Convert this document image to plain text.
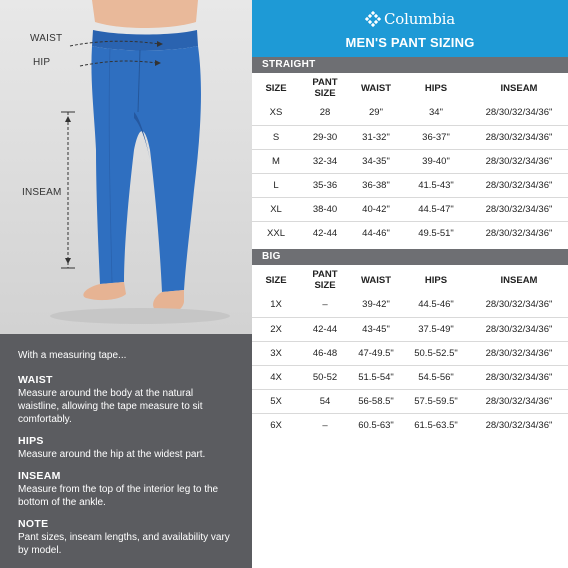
WAIST
HIP
INSEAM
With a measuring tape...
WAIST
Measure around the body at the natural waistline, allowing the tape measure to sit comfortably.
HIPS
Measure around the hip at the widest part.
INSEAM
Measure from the top of the interior leg to the bottom of the ankle.
NOTE
Pant sizes, inseam lengths, and availability vary by model.
Columbia
MEN'S PANT SIZING
STRAIGHT
SIZE	PANT SIZE	WAIST	HIPS	INSEAM
XS	28	29"	34"	28/30/32/34/36"
S	29-30	31-32"	36-37"	28/30/32/34/36"
M	32-34	34-35"	39-40"	28/30/32/34/36"
L	35-36	36-38"	41.5-43"	28/30/32/34/36"
XL	38-40	40-42"	44.5-47"	28/30/32/34/36"
XXL	42-44	44-46"	49.5-51"	28/30/32/34/36"
BIG
SIZE	PANT SIZE	WAIST	HIPS	INSEAM
1X	–	39-42"	44.5-46"	28/30/32/34/36"
2X	42-44	43-45"	37.5-49"	28/30/32/34/36"
3X	46-48	47-49.5"	50.5-52.5"	28/30/32/34/36"
4X	50-52	51.5-54"	54.5-56"	28/30/32/34/36"
5X	54	56-58.5"	57.5-59.5"	28/30/32/34/36"
6X	–	60.5-63"	61.5-63.5"	28/30/32/34/36"
